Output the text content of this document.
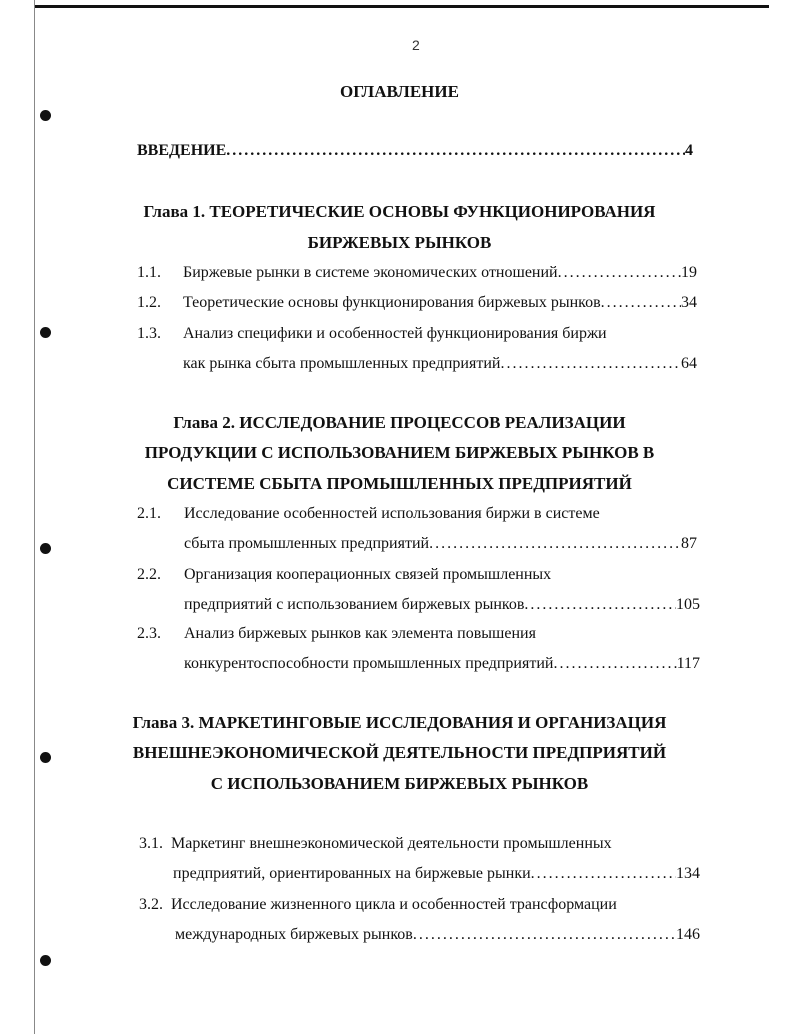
2
ОГЛАВЛЕНИЕ
ВВЕДЕНИЕ . . .	4
Глава 1. ТЕОРЕТИЧЕСКИЕ ОСНОВЫ ФУНКЦИОНИРОВАНИЯ
БИРЖЕВЫХ РЫНКОВ
1.1. Биржевые рынки в системе экономических отношений . . .	19
1.2. Теоретические основы функционирования биржевых рынков . . .	34
1.3. Анализ специфики и особенностей функционирования биржи
как рынка сбыта промышленных предприятий . . .	64
Глава 2. ИССЛЕДОВАНИЕ ПРОЦЕССОВ РЕАЛИЗАЦИИ
ПРОДУКЦИИ С ИСПОЛЬЗОВАНИЕМ БИРЖЕВЫХ РЫНКОВ В
СИСТЕМЕ СБЫТА ПРОМЫШЛЕННЫХ ПРЕДПРИЯТИЙ
2.1. Исследование особенностей использования биржи в системе
сбыта промышленных предприятий . . .	87
2.2. Организация кооперационных связей промышленных
предприятий с использованием биржевых рынков . . .	105
2.3. Анализ биржевых рынков как элемента повышения
конкурентоспособности промышленных предприятий . . .	117
Глава 3. МАРКЕТИНГОВЫЕ ИССЛЕДОВАНИЯ И ОРГАНИЗАЦИЯ
ВНЕШНЕЭКОНОМИЧЕСКОЙ ДЕЯТЕЛЬНОСТИ ПРЕДПРИЯТИЙ
С ИСПОЛЬЗОВАНИЕМ БИРЖЕВЫХ РЫНКОВ
3.1. Маркетинг внешнеэкономической деятельности промышленных
предприятий, ориентированных на биржевые рынки . . .	134
3.2. Исследование жизненного цикла и особенностей трансформации
международных биржевых рынков . . .	146
